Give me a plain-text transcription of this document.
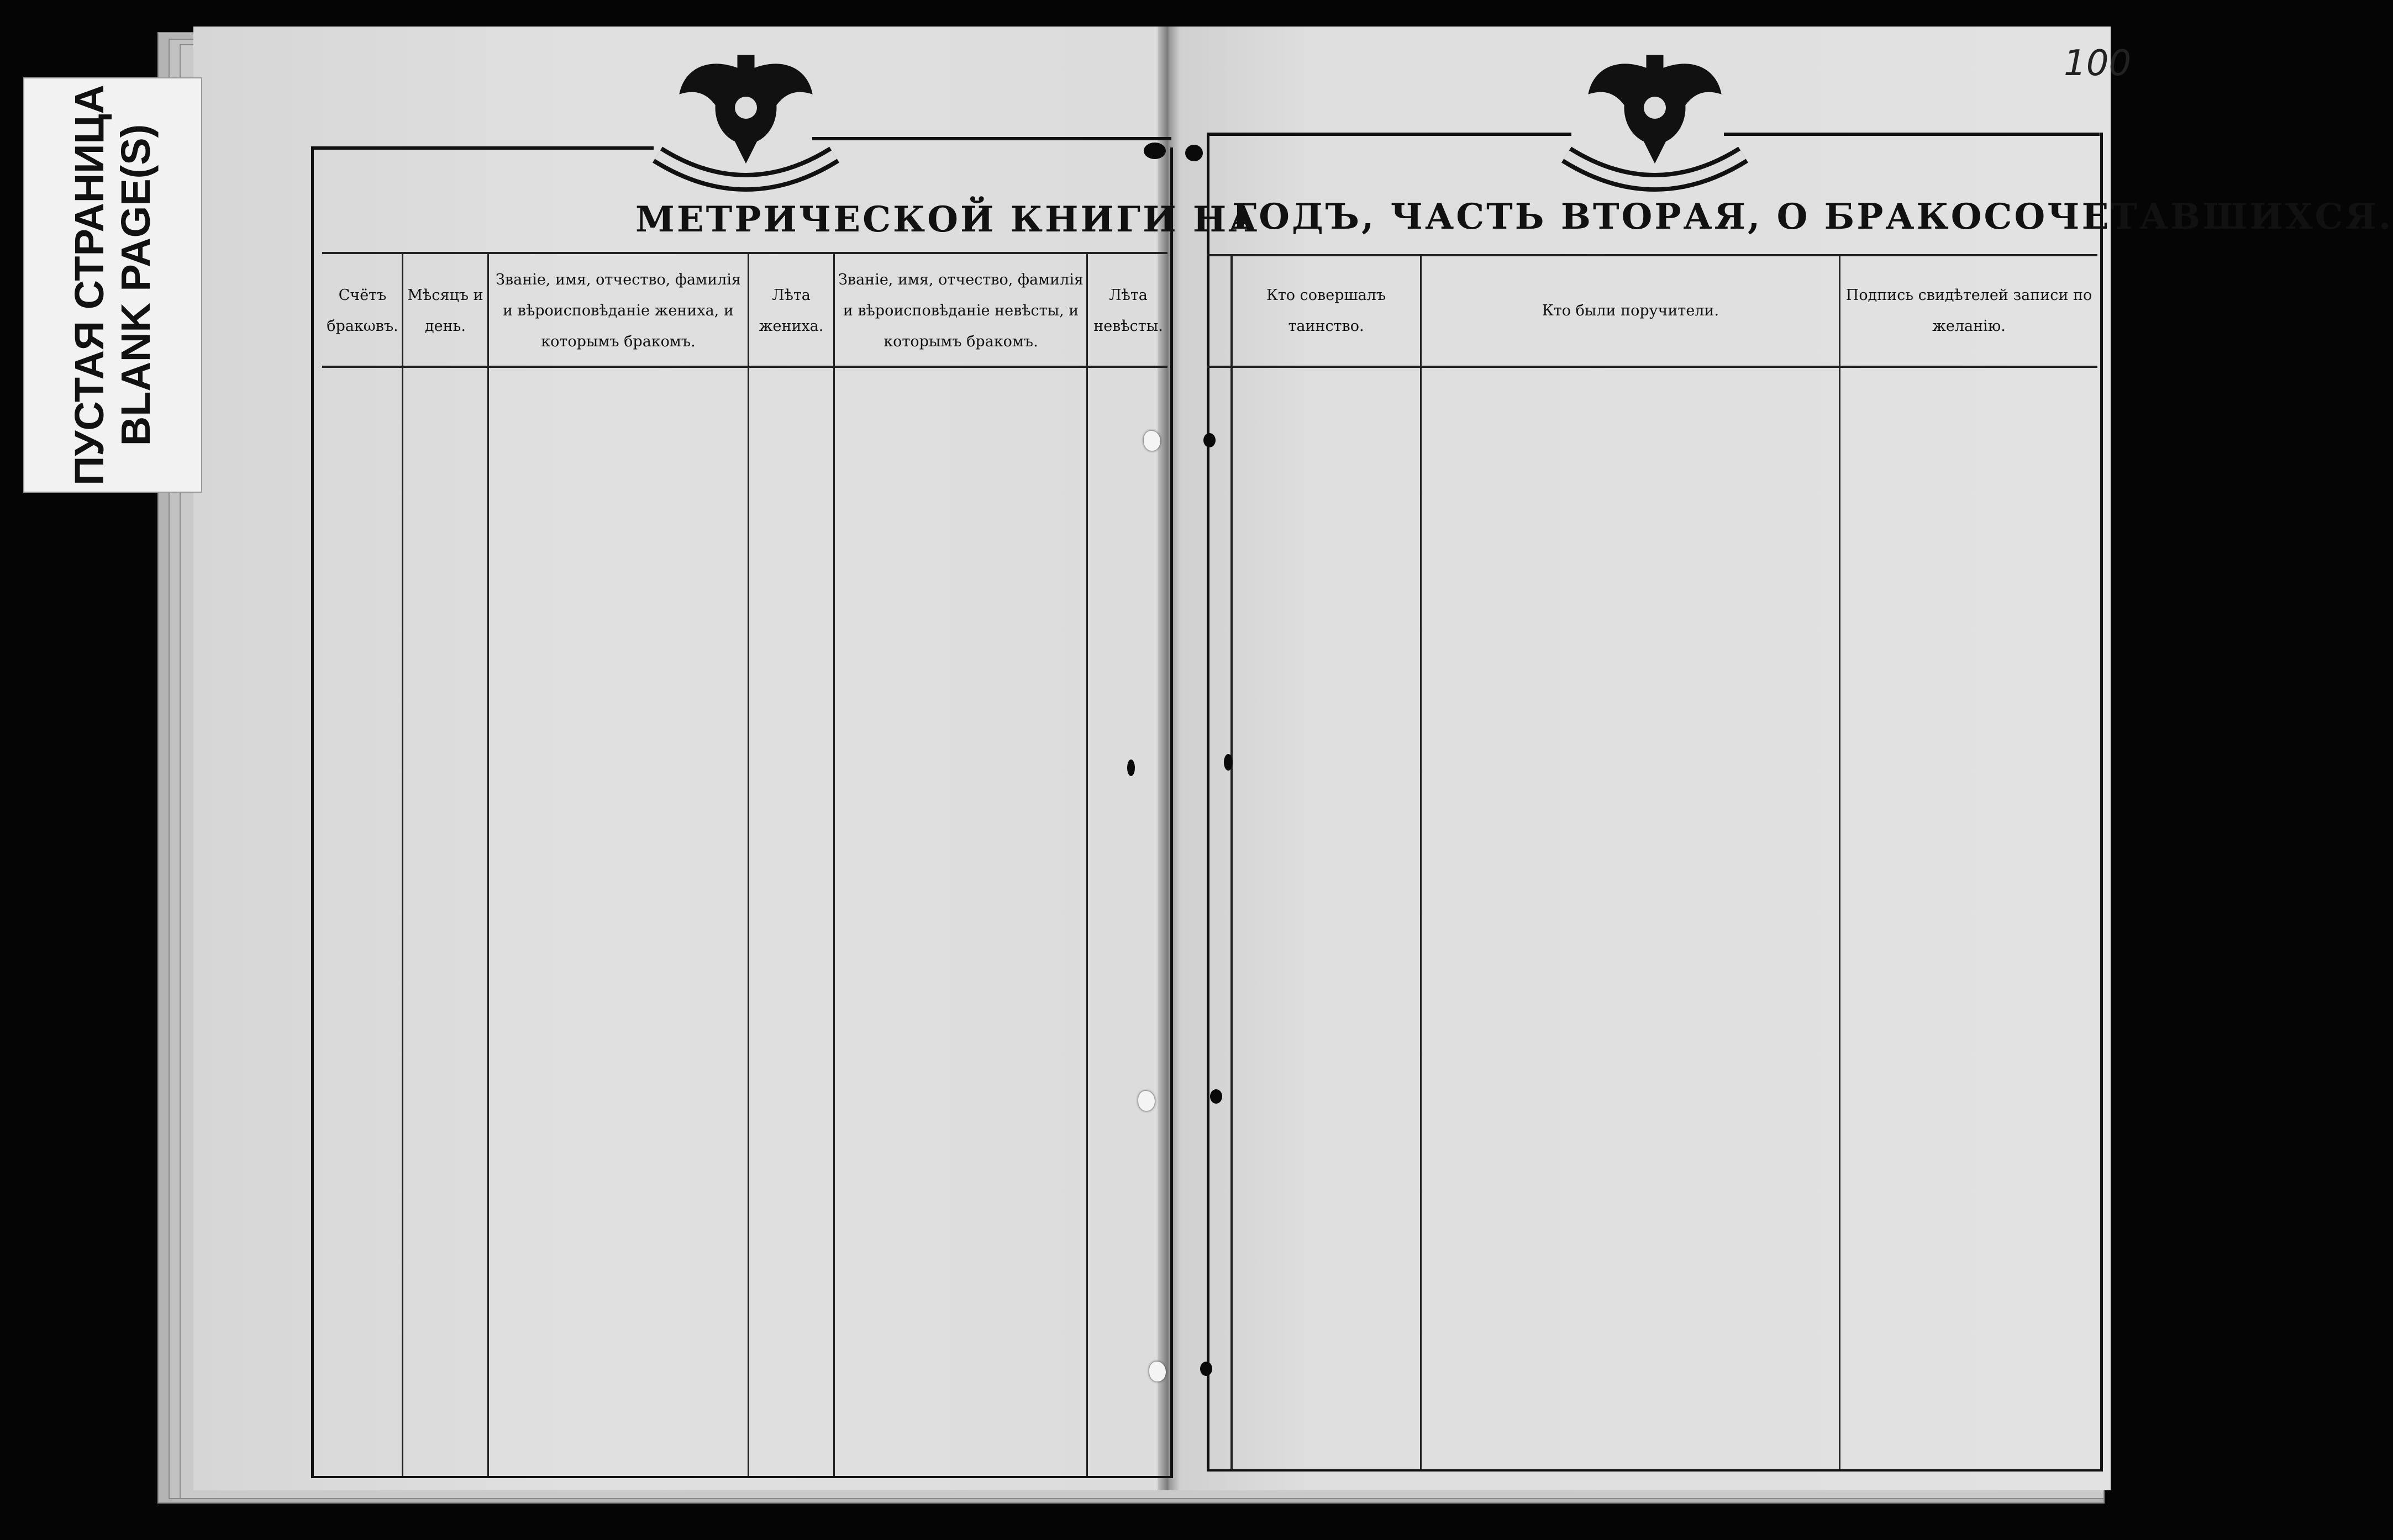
ПУСТАЯ СТРАНИЦА BLANK PAGE(S)
100
МЕТРИЧЕСКОЙ КНИГИ НА
ГОДЪ, ЧАСТЬ ВТОРАЯ, О БРАКОСОЧЕТАВШИХСЯ.
Счётъ бракωвъ.
Мѣсяцъ и день.
Званіе, имя, отчество, фамилія и вѣроисповѣданіе жениха, и которымъ бракомъ.
Лѣта жениха.
Званіе, имя, отчество, фамилія и вѣроисповѣданіе невѣсты, и которымъ бракомъ.
Лѣта невѣсты.
Кто совершалъ таинство.
Кто были поручители.
Подпись свидѣтелей записи по желанію.
